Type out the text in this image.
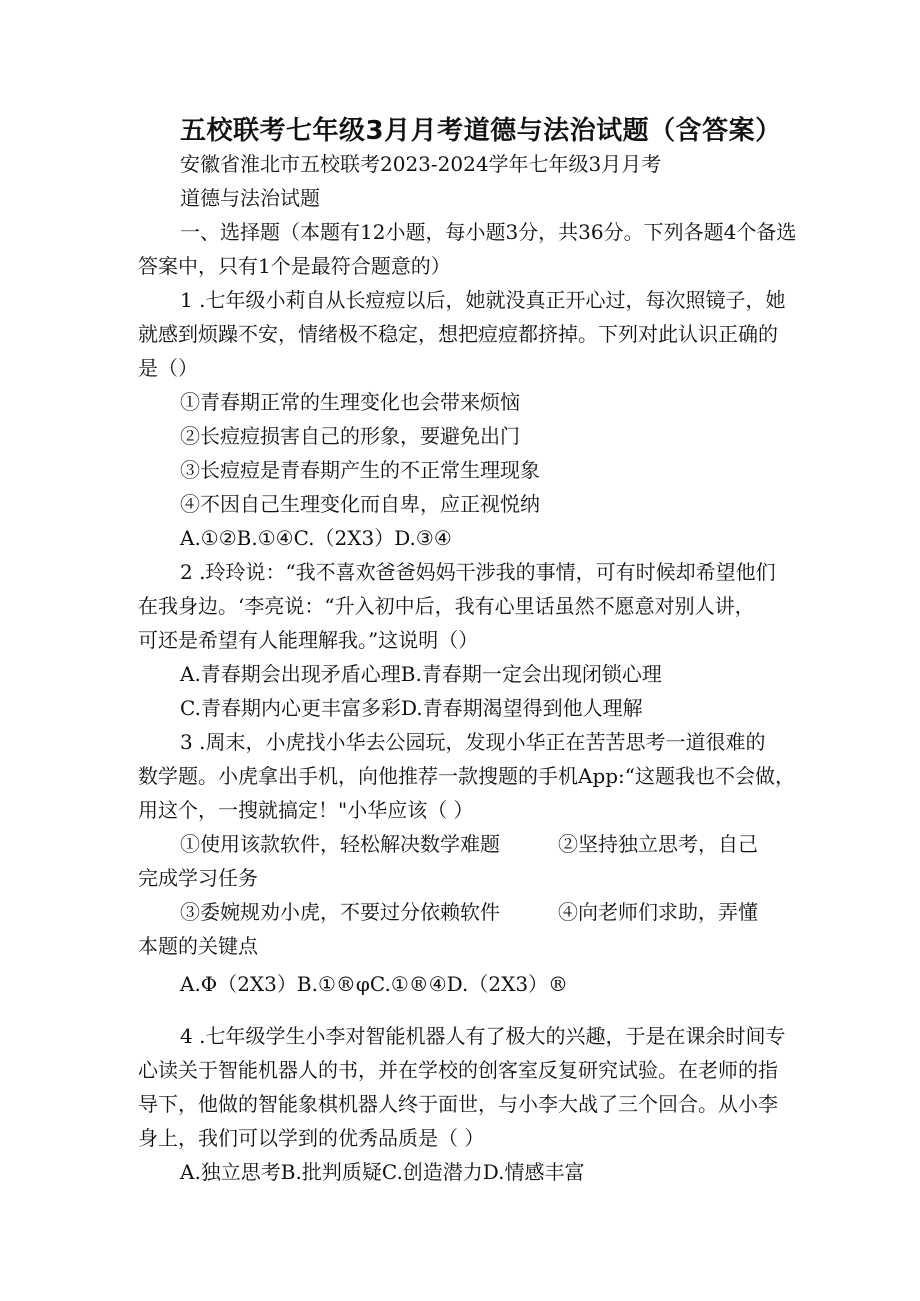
五校联考七年级3月月考道德与法治试题（含答案）
安徽省淮北市五校联考2023-2024学年七年级3月月考
道德与法治试题
一、选择题（本题有12小题，每小题3分，共36分。下列各题4个备选
答案中，只有1个是最符合题意的）
1 .七年级小莉自从长痘痘以后，她就没真正开心过，每次照镜子，她
就感到烦躁不安，情绪极不稳定，想把痘痘都挤掉。下列对此认识正确的
是（）
①青春期正常的生理变化也会带来烦恼
②长痘痘损害自己的形象，要避免出门
③长痘痘是青春期产生的不正常生理现象
④不因自己生理变化而自卑，应正视悦纳
A.①②B.①④C.（2X3）D.③④
2 .玲玲说：“我不喜欢爸爸妈妈干涉我的事情，可有时候却希望他们
在我身边。‘李亮说：“升入初中后，我有心里话虽然不愿意对别人讲，
可还是希望有人能理解我。”这说明（）
A.青春期会出现矛盾心理B.青春期一定会出现闭锁心理
C.青春期内心更丰富多彩D.青春期渴望得到他人理解
3 .周末，小虎找小华去公园玩，发现小华正在苦苦思考一道很难的
数学题。小虎拿出手机，向他推荐一款搜题的手机App:“这题我也不会做，
用这个，一搜就搞定！"小华应该（ ）
①使用该款软件，轻松解决数学难题	②坚持独立思考，自己
完成学习任务
③委婉规劝小虎，不要过分依赖软件	④向老师们求助，弄懂
本题的关键点
A.Φ（2X3）B.①®φC.①®④D.（2X3）®
4 .七年级学生小李对智能机器人有了极大的兴趣，于是在课余时间专
心读关于智能机器人的书，并在学校的创客室反复研究试验。在老师的指
导下，他做的智能象棋机器人终于面世，与小李大战了三个回合。从小李
身上，我们可以学到的优秀品质是（ ）
A.独立思考B.批判质疑C.创造潜力D.情感丰富
